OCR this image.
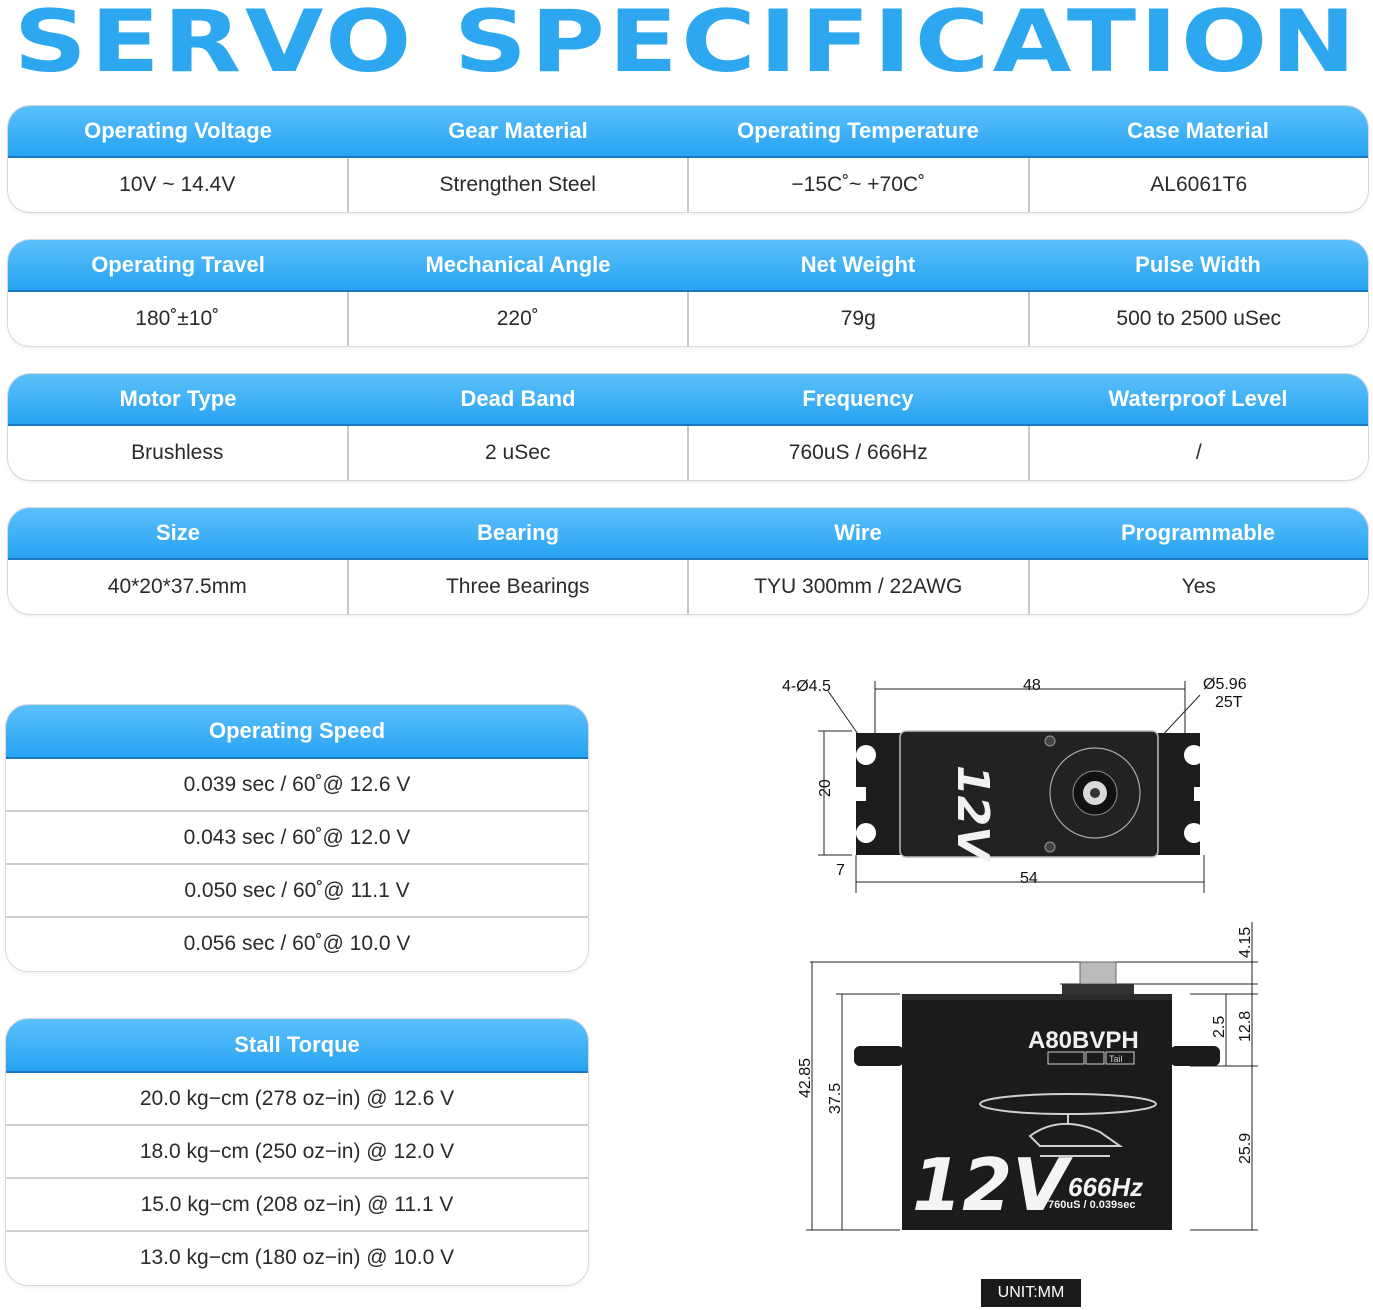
SERVO SPECIFICATION
Operating Voltage	Gear Material	Operating Temperature	Case Material
10V ~ 14.4V	Strengthen Steel	−15C˚~ +70C˚	AL6061T6
Operating Travel	Mechanical Angle	Net Weight	Pulse Width
180˚±10˚	220˚	79g	500 to 2500 uSec
Motor Type	Dead Band	Frequency	Waterproof Level
Brushless	2 uSec	760uS / 666Hz	/
Size	Bearing	Wire	Programmable
40*20*37.5mm	Three Bearings	TYU 300mm / 22AWG	Yes
Operating Speed
0.039 sec / 60˚@ 12.6 V
0.043 sec / 60˚@ 12.0 V
0.050 sec / 60˚@ 11.1 V
0.056 sec / 60˚@ 10.0 V
Stall Torque
20.0 kg−cm (278 oz−in) @ 12.6 V
18.0 kg−cm (250 oz−in) @ 12.0 V
15.0 kg−cm (208 oz−in) @ 11.1 V
13.0 kg−cm (180 oz−in) @ 10.0 V
12V
4-Ø4.5	48	Ø5.96
25T
20
7	54
A80BVPH
Tail
12V 666Hz
760uS / 0.039sec
42.85
37.5
4.15
12.8
2.5
25.9
UNIT:MM
